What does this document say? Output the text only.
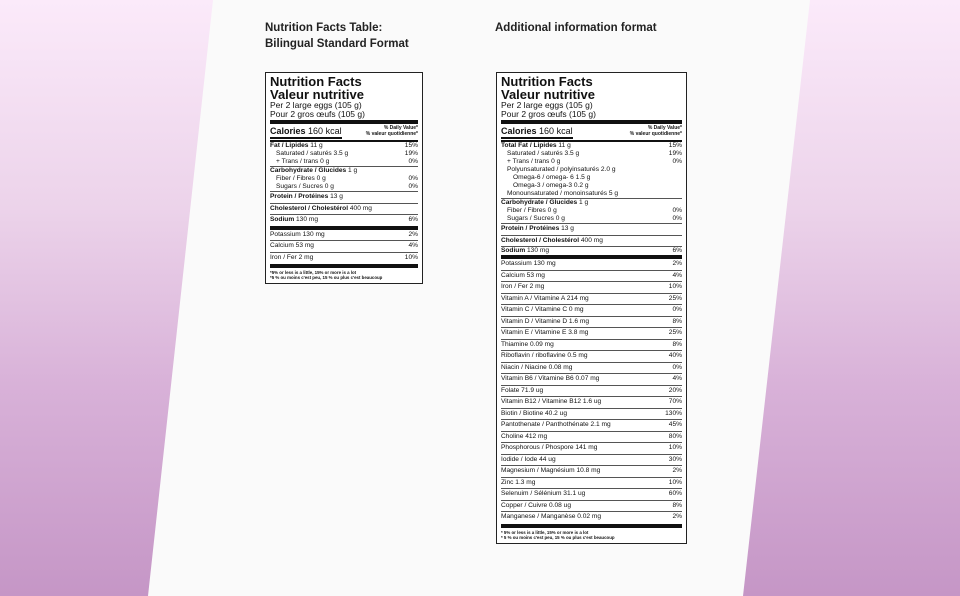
Nutrition Facts Table:
Bilingual Standard Format
Additional information format
Nutrition Facts
Valeur nutritive
Per 2 large eggs (105 g)
Pour 2 gros œufs (105 g)
Calories 160 kcal	% Daily Value*
% valeur quotidienne*
Fat / Lipides 11 g	15%
Saturated / saturés 3.5 g	19%
+ Trans / trans 0 g	0%
Carbohydrate / Glucides 1 g
Fiber / Fibres 0 g	0%
Sugars / Sucres 0 g	0%
Protein / Protéines 13 g
Cholesterol / Cholestérol 400 mg
Sodium 130 mg	6%
Potassium 130 mg	2%
Calcium 53 mg	4%
Iron / Fer 2 mg	10%
*5% or less is a little, 15% or more is a lot
*5 % ou moins c'est peu, 15 % ou plus c'est beaucoup
Nutrition Facts
Valeur nutritive
Per 2 large eggs (105 g)
Pour 2 gros œufs (105 g)
Calories 160 kcal	% Daily Value*
% valeur quotidienne*
Total Fat / Lipides 11 g	15%
Saturated / saturés 3.5 g	19%
+ Trans / trans 0 g	0%
Polyunsaturated / polyinsaturés 2.0 g
Omega-6 / omega- 6 1.5 g
Omega-3 / omega-3 0.2 g
Monounsaturated / monoinsaturés 5 g
Carbohydrate / Glucides 1 g
Fiber / Fibres 0 g	0%
Sugars / Sucres 0 g	0%
Protein / Protéines 13 g
Cholesterol / Cholestérol 400 mg
Sodium 130 mg	6%
Potassium 130 mg	2%
Calcium 53 mg	4%
Iron / Fer 2 mg	10%
Vitamin A / Vitamine A 214 mg	25%
Vitamin C / Vitamine C 0 mg	0%
Vitamin D / Vitamine D 1.6 mg	8%
Vitamin E / Vitamine E 3.8 mg	25%
Thiamine 0.09 mg	8%
Riboflavin / riboflavine 0.5 mg	40%
Niacin / Niacine 0.08 mg	0%
Vitamin B6 / Vitamine B6 0.07 mg	4%
Folate 71.9 ug	20%
Vitamin B12 / Vitamine B12 1.6 ug	70%
Biotin / Biotine 40.2 ug	130%
Pantothenate / Panthothénate 2.1 mg	45%
Choline 412 mg	80%
Phosphorous / Phospore 141 mg	10%
Iodide / Iode 44 ug	30%
Magnesium / Magnésium 10.8 mg	2%
Zinc 1.3 mg	10%
Selenuim / Sélénium 31.1 ug	60%
Copper / Cuivre 0.08 ug	8%
Manganese / Manganèse 0.02 mg	2%
* 5% or less is a little, 15% or more is a lot
* 5 % ou moins c'est peu, 15 % ou plus c'est beaucoup
